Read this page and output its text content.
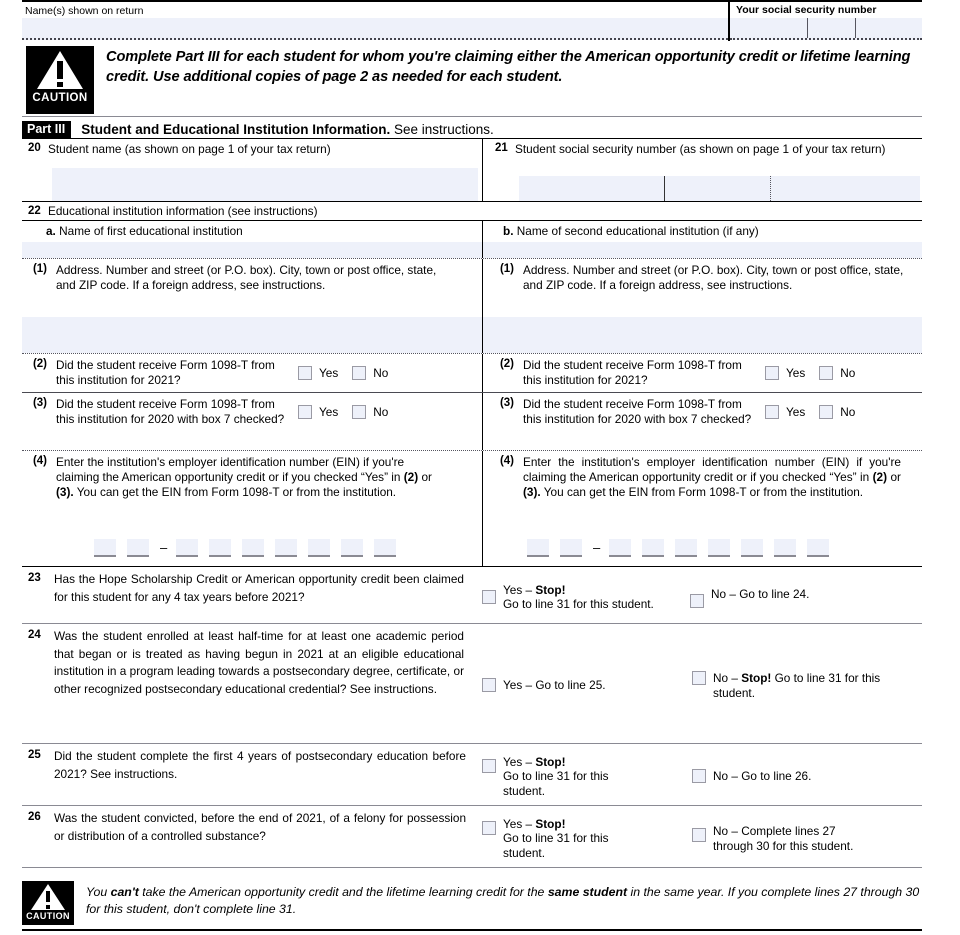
Name(s) shown on return	Your social security number
CAUTION
Complete Part III for each student for whom you're claiming either the American opportunity credit or lifetime learning credit. Use additional copies of page 2 as needed for each student.
Part III	Student and Educational Institution Information. See instructions.
20 Student name (as shown on page 1 of your tax return)	21 Student social security number (as shown on page 1 of your tax return)
22 Educational institution information (see instructions)
a. Name of first educational institution	b. Name of second educational institution (if any)
(1) Address. Number and street (or P.O. box). City, town or post office, state, and ZIP code. If a foreign address, see instructions.
(1) Address. Number and street (or P.O. box). City, town or post office, state, and ZIP code. If a foreign address, see instructions.
(2) Did the student receive Form 1098-T from this institution for 2021?	Yes	No
(2) Did the student receive Form 1098-T from this institution for 2021?	Yes	No
(3) Did the student receive Form 1098-T from this institution for 2020 with box 7 checked?	Yes	No
(3) Did the student receive Form 1098-T from this institution for 2020 with box 7 checked?	Yes	No
(4) Enter the institution's employer identification number (EIN) if you're claiming the American opportunity credit or if you checked “Yes” in (2) or (3). You can get the EIN from Form 1098-T or from the institution.
–
(4) Enter the institution's employer identification number (EIN) if you're claiming the American opportunity credit or if you checked “Yes” in (2) or (3). You can get the EIN from Form 1098-T or from the institution.
–
23	Has the Hope Scholarship Credit or American opportunity credit been claimed for this student for any 4 tax years before 2021?	Yes – Stop!
Go to line 31 for this student.
No – Go to line 24.
24	Was the student enrolled at least half-time for at least one academic period that began or is treated as having begun in 2021 at an eligible educational institution in a program leading towards a postsecondary degree, certificate, or other recognized postsecondary educational credential? See instructions.	Yes – Go to line 25.
No – Stop! Go to line 31 for this student.
25	Did the student complete the first 4 years of postsecondary education before 2021? See instructions.
Yes – Stop!
Go to line 31 for this student.
No – Go to line 26.
26	Was the student convicted, before the end of 2021, of a felony for possession or distribution of a controlled substance?
Yes – Stop!
Go to line 31 for this student.
No – Complete lines 27 through 30 for this student.
CAUTION
You can't take the American opportunity credit and the lifetime learning credit for the same student in the same year. If you complete lines 27 through 30 for this student, don't complete line 31.
